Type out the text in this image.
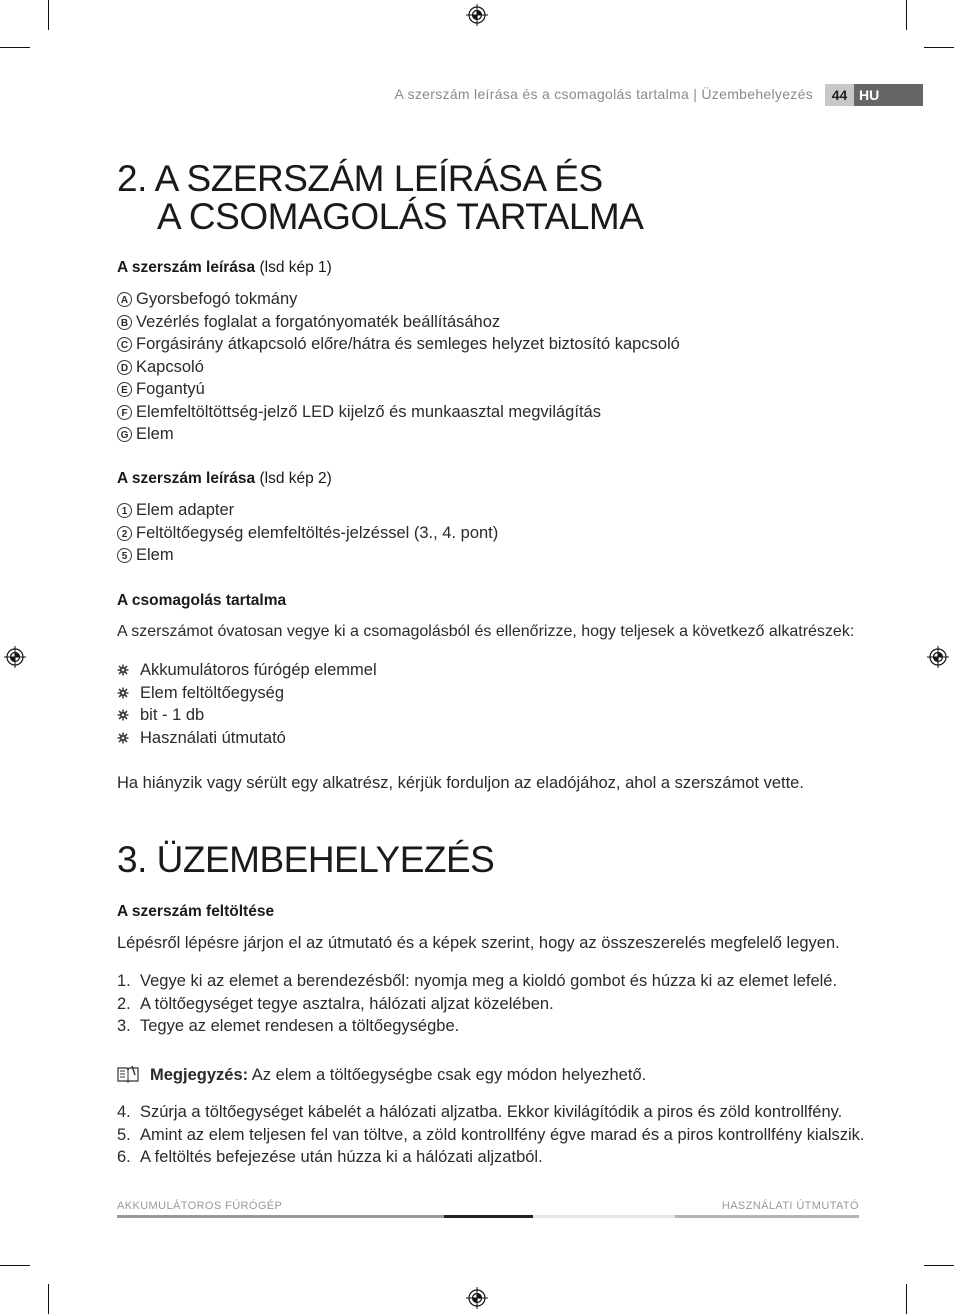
A szerszám leírása és a csomagolás tartalma | Üzembehelyezés	44 HU
2. A SZERSZÁM LEÍRÁSA ÉS
A CSOMAGOLÁS TARTALMA
A szerszám leírása (lsd kép 1)
A Gyorsbefogó tokmány
B Vezérlés foglalat a forgatónyomaték beállításához
C Forgásirány átkapcsoló előre/hátra és semleges helyzet biztosító kapcsoló
D Kapcsoló
E Fogantyú
F Elemfeltöltöttség-jelző LED kijelző és munkaasztal megvilágítás
G Elem
A szerszám leírása (lsd kép 2)
1 Elem adapter
2 Feltöltőegység elemfeltöltés-jelzéssel (3., 4. pont)
5 Elem
A csomagolás tartalma
A szerszámot óvatosan vegye ki a csomagolásból és ellenőrizze, hogy teljesek a következő alkatrészek:
Akkumulátoros fúrógép elemmel
Elem feltöltőegység
bit - 1 db
Használati útmutató
Ha hiányzik vagy sérült egy alkatrész, kérjük forduljon az eladójához, ahol a szerszámot vette.
3. ÜZEMBEHELYEZÉS
A szerszám feltöltése
Lépésről lépésre járjon el az útmutató és a képek szerint, hogy az összeszerelés megfelelő legyen.
1. Vegye ki az elemet a berendezésből: nyomja meg a kioldó gombot és húzza ki az elemet lefelé.
2. A töltőegységet tegye asztalra, hálózati aljzat közelében.
3. Tegye az elemet rendesen a töltőegységbe.
Megjegyzés: Az elem a töltőegységbe csak egy módon helyezhető.
4. Szúrja a töltőegységet kábelét a hálózati aljzatba. Ekkor kivilágítódik a piros és zöld kontrollfény.
5. Amint az elem teljesen fel van töltve, a zöld kontrollfény égve marad és a piros kontrollfény kialszik.
6. A feltöltés befejezése után húzza ki a hálózati aljzatból.
AKKUMULÁTOROS FÚRÓGÉP	HASZNÁLATI ÚTMUTATÓ
